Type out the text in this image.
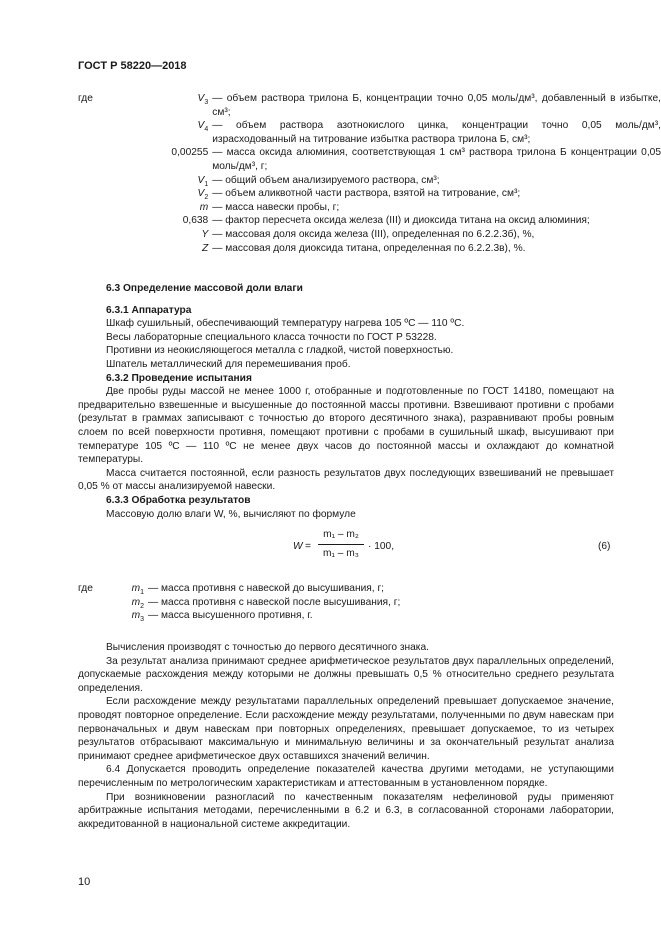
ГОСТ Р 58220—2018
где	$V_3$ — объем раствора трилона Б, концентрации точно 0,05 моль/дм³, добавленный в избытке, см³;
$V_4$ — объем раствора азотнокислого цинка, концентрации точно 0,05 моль/дм³, израсходованный на титрование избытка раствора трилона Б, см³;
0,00255 — масса оксида алюминия, соответствующая 1 см³ раствора трилона Б концентрации 0,05 моль/дм³, г;
$V_1$ — общий объем анализируемого раствора, см³;
$V_2$ — объем аликвотной части раствора, взятой на титрование, см³;
m — масса навески пробы, г;
0,638 — фактор пересчета оксида железа (III) и диоксида титана на оксид алюминия;
Y — массовая доля оксида железа (III), определенная по 6.2.2.3б), %,
Z — массовая доля диоксида титана, определенная по 6.2.2.3в), %.

6.3 Определение массовой доли влаги

6.3.1 Аппаратура

Шкаф сушильный, обеспечивающий температуру нагрева 105 ºС — 110 ºС.

Весы лабораторные специального класса точности по ГОСТ Р 53228.

Противни из неокисляющегося металла с гладкой, чистой поверхностью.

Шпатель металлический для перемешивания проб.

6.3.2 Проведение испытания

Две пробы руды массой не менее 1000 г, отобранные и подготовленные по ГОСТ 14180, помещают на предварительно взвешенные и высушенные до постоянной массы противни. Взвешивают противни с пробами (результат в граммах записывают с точностью до второго десятичного знака), разравнивают пробы ровным слоем по всей поверхности противня, помещают противни с пробами в сушильный шкаф, высушивают при температуре 105 ºС — 110 ºС не менее двух часов до постоянной массы и охлаждают до комнатной температуры.

Масса считается постоянной, если разность результатов двух последующих взвешиваний не превышает 0,05 % от массы анализируемой навески.

6.3.3 Обработка результатов

Массовую долю влаги W, %, вычисляют по формуле

$W = \frac{\text{m₁ – m₂}}{\text{m₁ – m₃}} \cdot 100$,	(6)
где	$m_1$ — масса противня с навеской до высушивания, г;
$m_2$ — масса противня с навеской после высушивания, г;
$m_3$ — масса высушенного противня, г.

Вычисления производят с точностью до первого десятичного знака.

За результат анализа принимают среднее арифметическое результатов двух параллельных определений, допускаемые расхождения между которыми не должны превышать 0,5 % относительно среднего результата определения.

Если расхождение между результатами параллельных определений превышает допускаемое значение, проводят повторное определение. Если расхождение между результатами, полученными по двум навескам при первоначальных и двум навескам при повторных определениях, превышает допускаемое, то из четырех результатов отбрасывают максимальную и минимальную величины и за окончательный результат анализа принимают среднее арифметическое двух оставшихся значений величин.

6.4 Допускается проводить определение показателей качества другими методами, не уступающими перечисленным по метрологическим характеристикам и аттестованным в установленном порядке.

При возникновении разногласий по качественным показателям нефелиновой руды применяют арбитражные испытания методами, перечисленными в 6.2 и 6.3, в согласованной сторонами лаборатории, аккредитованной в национальной системе аккредитации.

10
